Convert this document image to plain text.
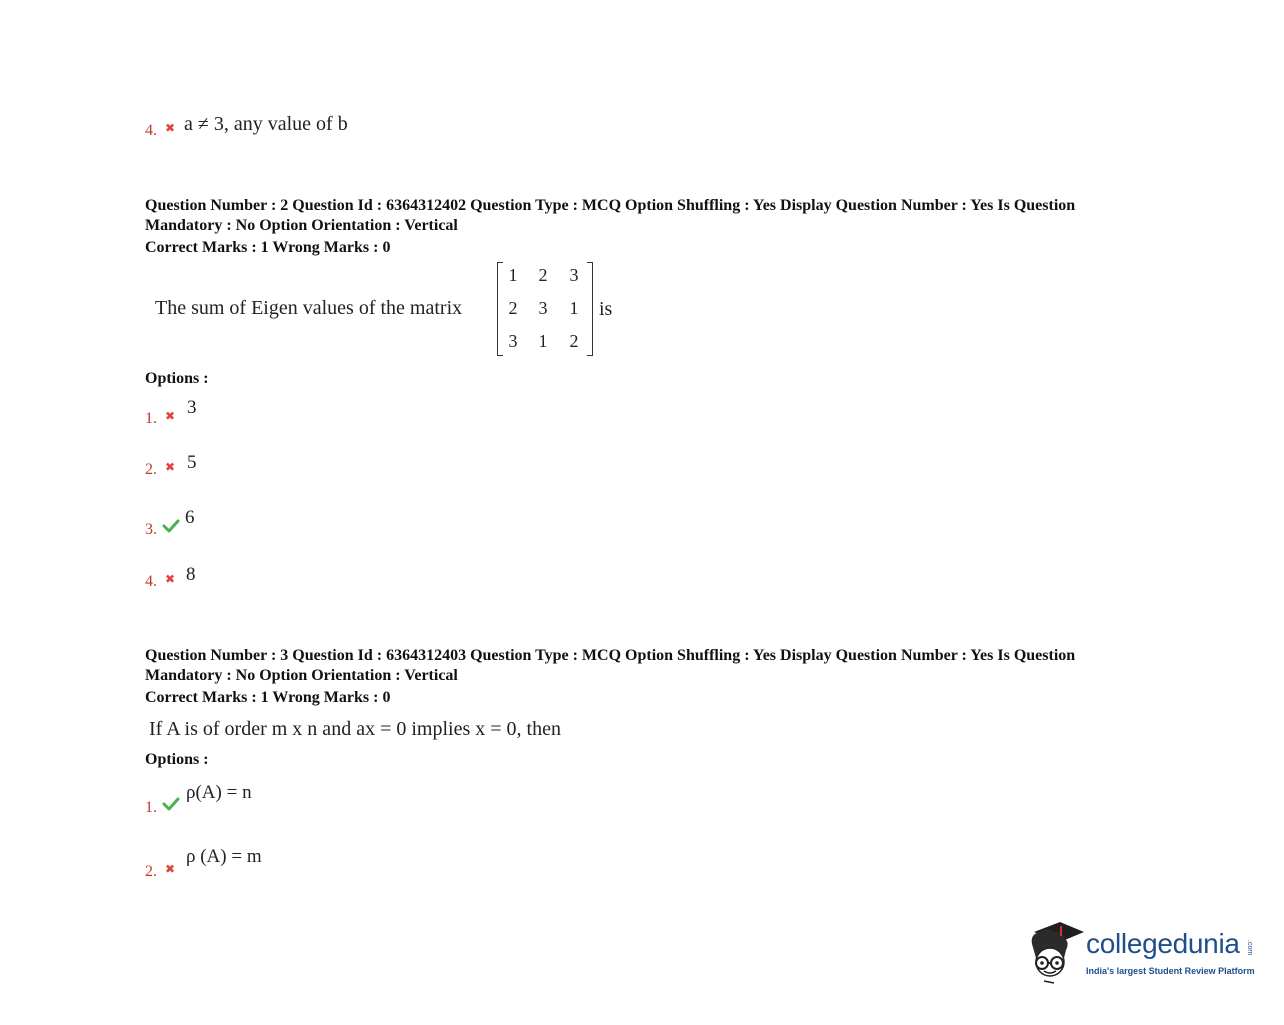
4. ✖ a ≠ 3, any value of b
Question Number : 2 Question Id : 6364312402 Question Type : MCQ Option Shuffling : Yes Display Question Number : Yes Is Question
Mandatory : No Option Orientation : Vertical
Correct Marks : 1 Wrong Marks : 0
The sum of Eigen values of the matrix
1	2	3
2	3	1
3	1	2
is
Options :
1. ✖ 3
2. ✖ 5
3.
6
4. ✖ 8
Question Number : 3 Question Id : 6364312403 Question Type : MCQ Option Shuffling : Yes Display Question Number : Yes Is Question
Mandatory : No Option Orientation : Vertical
Correct Marks : 1 Wrong Marks : 0
If A is of order m x n and ax = 0 implies x = 0, then
Options :
1.
ρ(A) = n
2. ✖
ρ (A) = m
collegedunia .com
India's largest Student Review Platform
